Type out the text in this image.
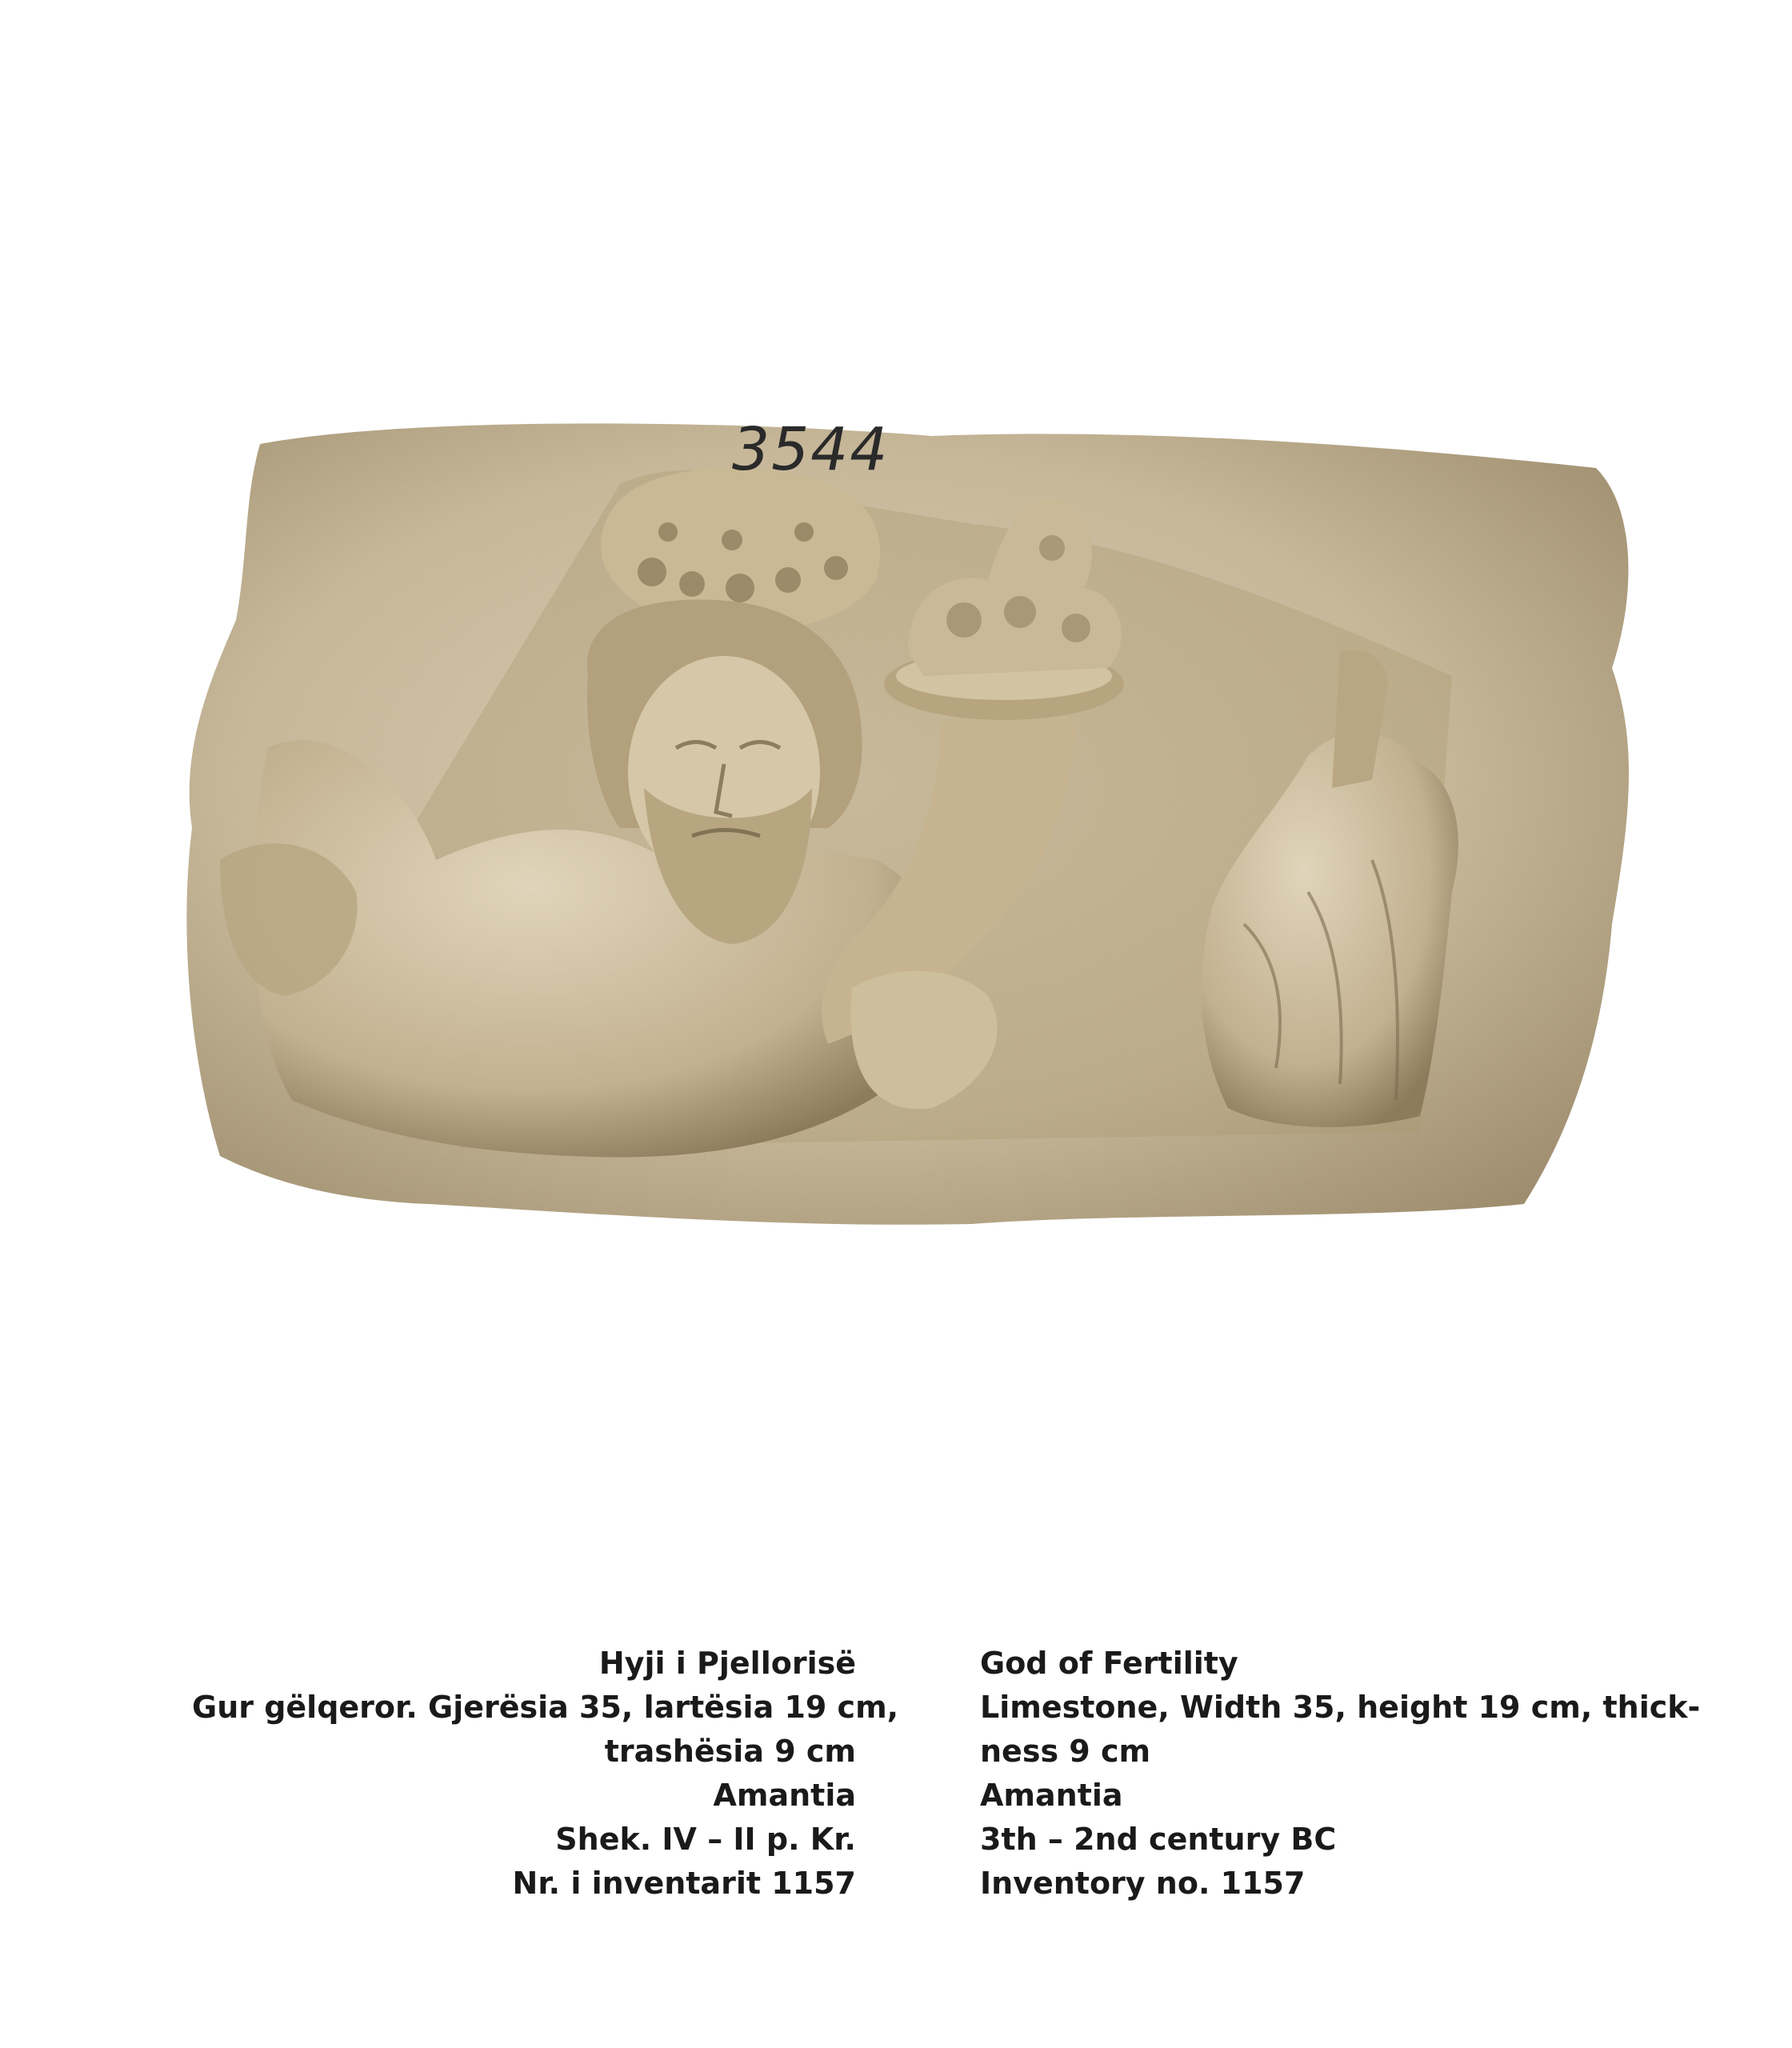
3544
Hyji i Pjellorisë
Gur gëlqeror. Gjerësia 35, lartësia 19 cm,
trashësia 9 cm
Amantia
Shek. IV – II p. Kr.
Nr. i inventarit 1157
God of Fertility
Limestone, Width 35, height 19 cm, thick-
ness 9 cm
Amantia
3th – 2nd century BC
Inventory no. 1157
